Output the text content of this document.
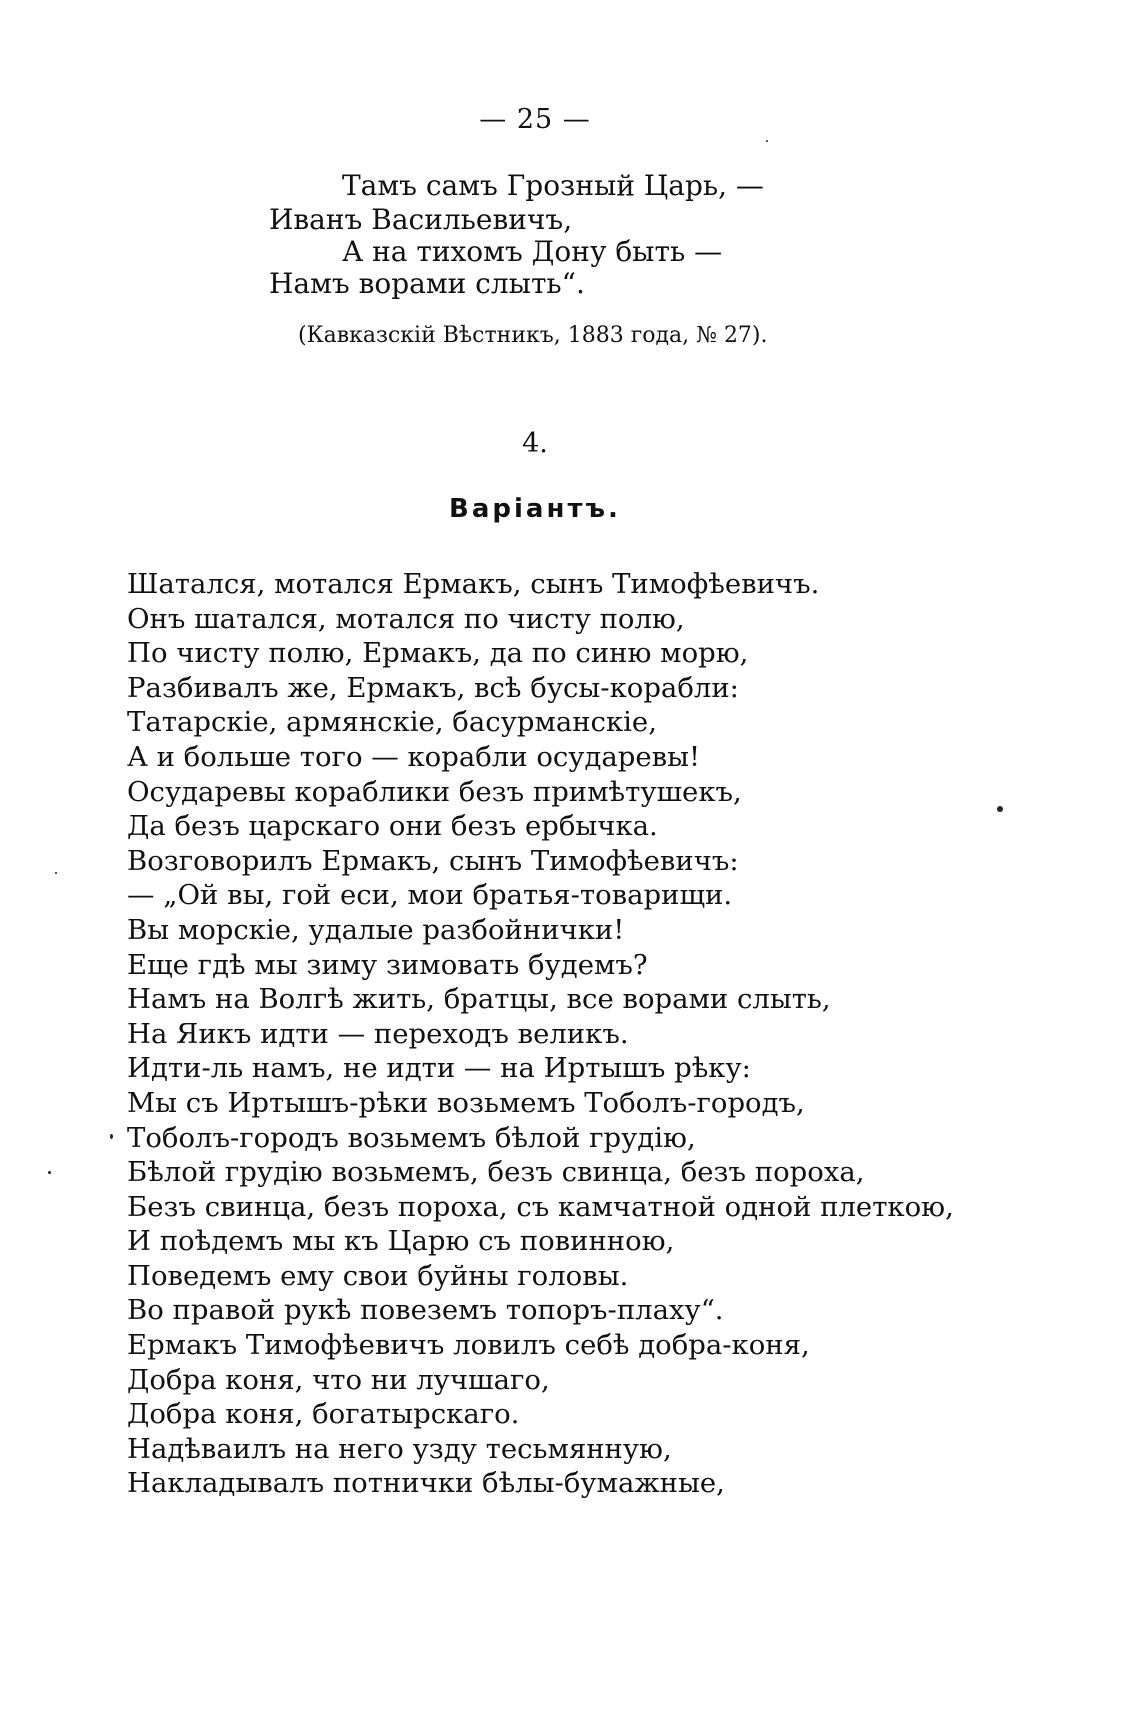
— 25 —
Тамъ самъ Грозный Царь, —
Иванъ Васильевичъ,
А на тихомъ Дону быть —
Намъ ворами слыть“.
(Кавказскій Вѣстникъ, 1883 года, № 27).
4.
Варіантъ.
Шатался, мотался Ермакъ, сынъ Тимофѣевичъ.
Онъ шатался, мотался по чисту полю,
По чисту полю, Ермакъ, да по синю морю,
Разбивалъ же, Ермакъ, всѣ бусы-корабли:
Татарскіе, армянскіе, басурманскіе,
А и больше того — корабли осударевы!
Осударевы кораблики безъ примѣтушекъ,
Да безъ царскаго они безъ ербычка.
Возговорилъ Ермакъ, сынъ Тимофѣевичъ:
— „Ой вы, гой еси, мои братья-товарищи.
Вы морскіе, удалые разбойнички!
Еще гдѣ мы зиму зимовать будемъ?
Намъ на Волгѣ жить, братцы, все ворами слыть,
На Яикъ идти — переходъ великъ.
Идти-ль намъ, не идти — на Иртышъ рѣку:
Мы съ Иртышъ-рѣки возьмемъ Тоболъ-городъ,
Тоболъ-городъ возьмемъ бѣлой грудію,
Бѣлой грудію возьмемъ, безъ свинца, безъ пороха,
Безъ свинца, безъ пороха, съ камчатной одной плеткою,
И поѣдемъ мы къ Царю съ повинною,
Поведемъ ему свои буйны головы.
Во правой рукѣ повеземъ топоръ-плаху“.
Ермакъ Тимофѣевичъ ловилъ себѣ добра-коня,
Добра коня, что ни лучшаго,
Добра коня, богатырскаго.
Надѣваилъ на него узду тесьмянную,
Накладывалъ потнички бѣлы-бумажные,
